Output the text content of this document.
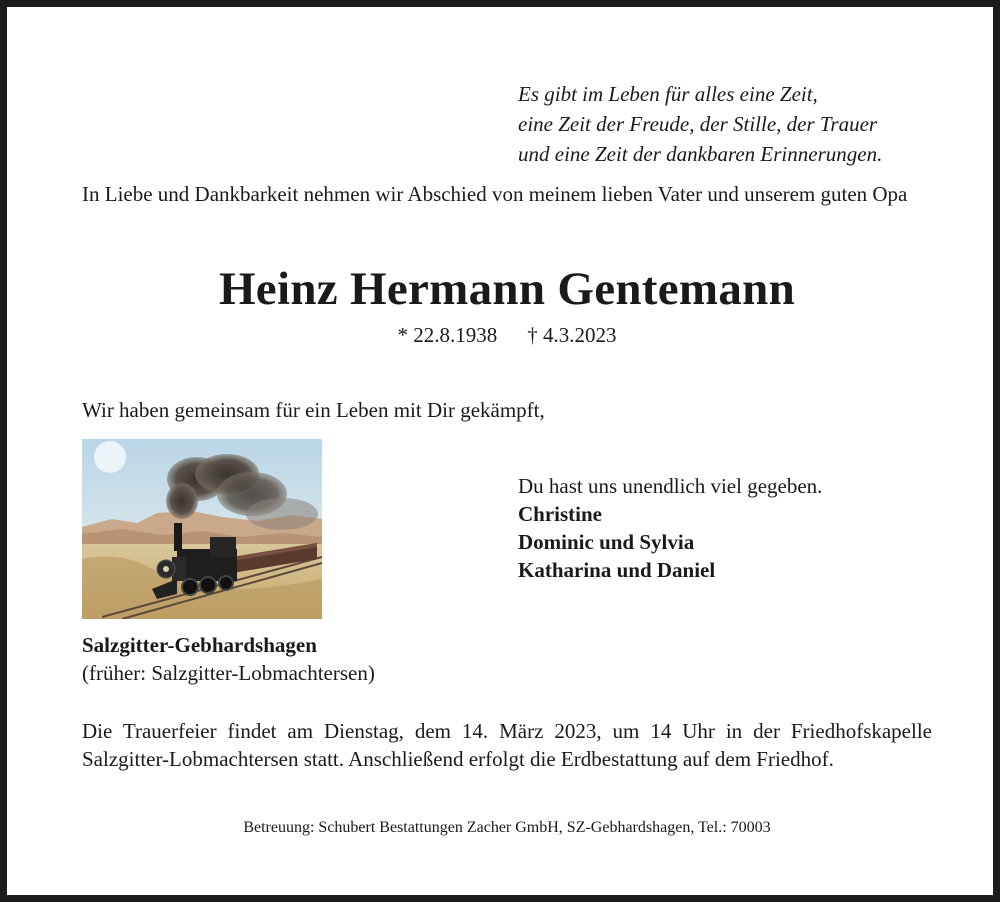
Es gibt im Leben für alles eine Zeit,
eine Zeit der Freude, der Stille, der Trauer
und eine Zeit der dankbaren Erinnerungen.
In Liebe und Dankbarkeit nehmen wir Abschied von meinem lieben Vater und unserem guten Opa
Heinz Hermann Gentemann
* 22.8.1938 † 4.3.2023
Wir haben gemeinsam für ein Leben mit Dir gekämpft,
Du hast uns unendlich viel gegeben.
Christine
Dominic und Sylvia
Katharina und Daniel
Salzgitter-Gebhardshagen
(früher: Salzgitter-Lobmachtersen)
Die Trauerfeier findet am Dienstag, dem 14. März 2023, um 14 Uhr in der Friedhofskapelle Salzgitter-Lobmachtersen statt. Anschließend erfolgt die Erdbestattung auf dem Friedhof.
Betreuung: Schubert Bestattungen Zacher GmbH, SZ-Gebhardshagen, Tel.: 70003
